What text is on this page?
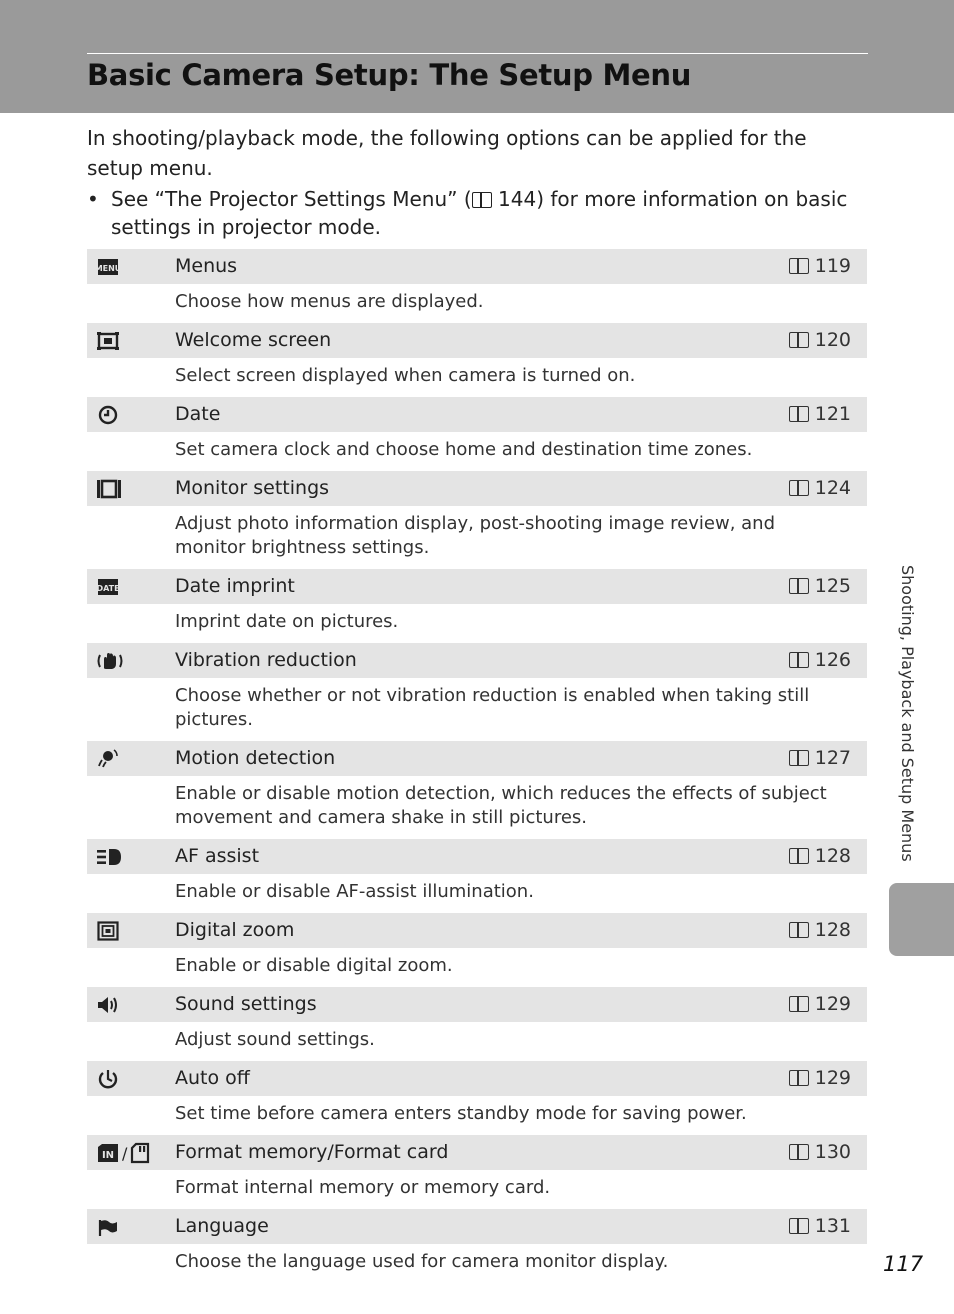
Basic Camera Setup: The Setup Menu

In shooting/playback mode, the following options can be applied for the setup menu.

• See “The Projector Settings Menu” ( 144) for more information on basic settings in projector mode.
MENU	Menus	119
Choose how menus are displayed.
Welcome screen	120
Select screen displayed when camera is turned on.
Date	121
Set camera clock and choose home and destination time zones.
Monitor settings	124
Adjust photo information display, post-shooting image review, and monitor brightness settings.
DATE	Date imprint	125
Imprint date on pictures.
Vibration reduction	126
Choose whether or not vibration reduction is enabled when taking still pictures.
Motion detection	127
Enable or disable motion detection, which reduces the effects of subject movement and camera shake in still pictures.
AF assist	128
Enable or disable AF-assist illumination.
Digital zoom	128
Enable or disable digital zoom.
Sound settings	129
Adjust sound settings.
Auto off	129
Set time before camera enters standby mode for saving power.
IN /	Format memory/Format card	130
Format internal memory or memory card.
Language	131
Choose the language used for camera monitor display.
Shooting, Playback and Setup Menus
117
